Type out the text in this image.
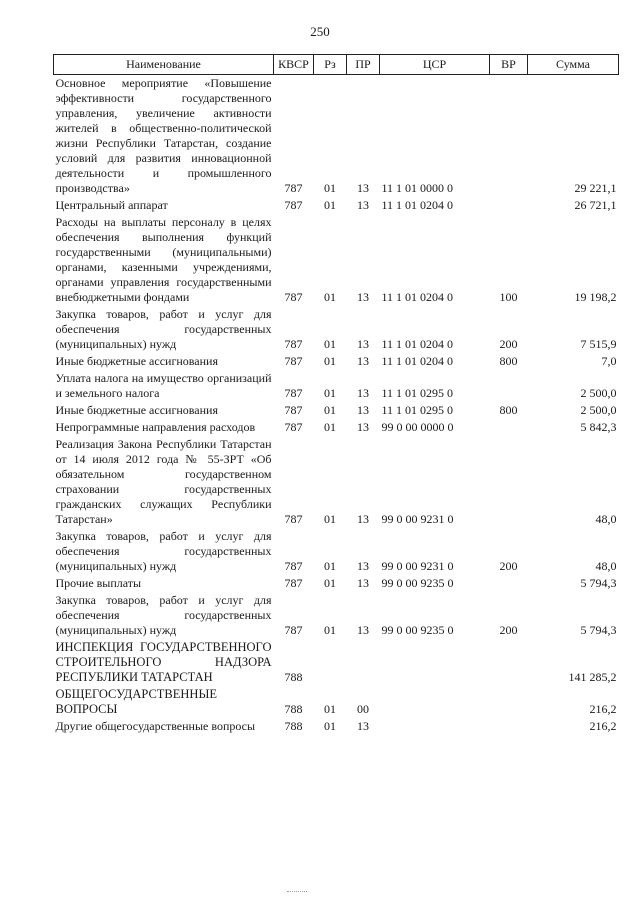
250
Наименование	КВСР	Рз	ПР	ЦСР	ВР	Сумма
Основное мероприятие «Повышение эффективности государственного управления, увеличение активности жителей в общественно-политической жизни Республики Татарстан, создание условий для развития инновационной деятельности и промышленного производства»	787	01	13	11 1 01 0000 0		29 221,1
Центральный аппарат	787	01	13	11 1 01 0204 0		26 721,1
Расходы на выплаты персоналу в целях обеспечения выполнения функций государственными (муниципальными) органами, казенными учреждениями, органами управления государственными внебюджетными фондами	787	01	13	11 1 01 0204 0	100	19 198,2
Закупка товаров, работ и услуг для обеспечения государственных (муниципальных) нужд	787	01	13	11 1 01 0204 0	200	7 515,9
Иные бюджетные ассигнования	787	01	13	11 1 01 0204 0	800	7,0
Уплата налога на имущество организаций и земельного налога	787	01	13	11 1 01 0295 0		2 500,0
Иные бюджетные ассигнования	787	01	13	11 1 01 0295 0	800	2 500,0
Непрограммные направления расходов	787	01	13	99 0 00 0000 0		5 842,3
Реализация Закона Республики Татарстан от 14 июля 2012 года № 55-ЗРТ «Об обязательном государственном страховании государственных гражданских служащих Республики Татарстан»	787	01	13	99 0 00 9231 0		48,0
Закупка товаров, работ и услуг для обеспечения государственных (муниципальных) нужд	787	01	13	99 0 00 9231 0	200	48,0
Прочие выплаты	787	01	13	99 0 00 9235 0		5 794,3
Закупка товаров, работ и услуг для обеспечения государственных (муниципальных) нужд	787	01	13	99 0 00 9235 0	200	5 794,3
ИНСПЕКЦИЯ ГОСУДАРСТВЕННОГО СТРОИТЕЛЬНОГО НАДЗОРА РЕСПУБЛИКИ ТАТАРСТАН	788					141 285,2
ОБЩЕГОСУДАРСТВЕННЫЕ ВОПРОСЫ	788	01	00			216,2
Другие общегосударственные вопросы	788	01	13			216,2
